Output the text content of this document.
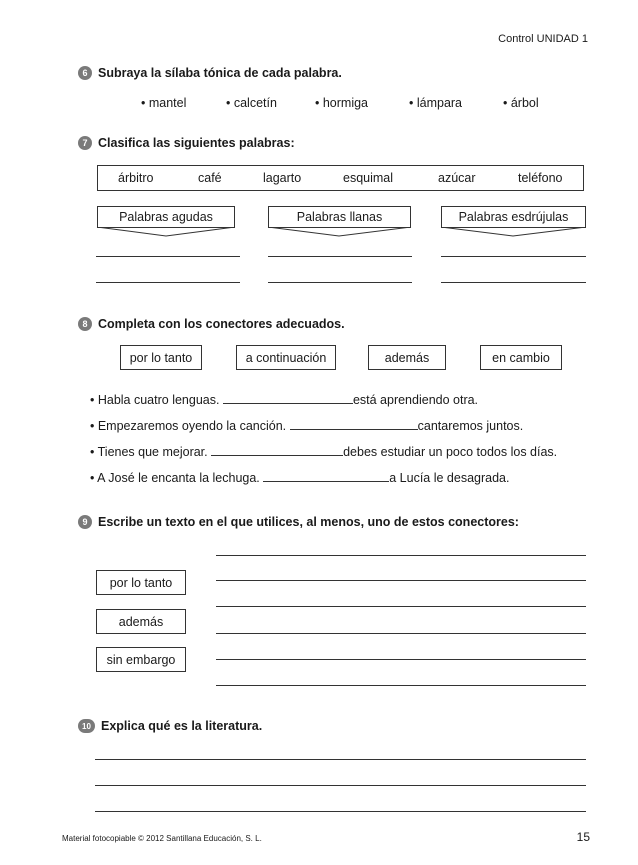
Control UNIDAD 1
6 Subraya la sílaba tónica de cada palabra.
• mantel	• calcetín	• hormiga	• lámpara	• árbol
7 Clasifica las siguientes palabras:
árbitro	café	lagarto	esquimal	azúcar	teléfono
Palabras agudas	Palabras llanas	Palabras esdrújulas
8 Completa con los conectores adecuados.
por lo tanto	a continuación	además	en cambio
• Habla cuatro lenguas.	está aprendiendo otra.
• Empezaremos oyendo la canción.	cantaremos juntos.
• Tienes que mejorar.	debes estudiar un poco todos los días.
• A José le encanta la lechuga.	a Lucía le desagrada.
9 Escribe un texto en el que utilices, al menos, uno de estos conectores:
por lo tanto
además
sin embargo
10 Explica qué es la literatura.
Material fotocopiable © 2012 Santillana Educación, S. L.	15
